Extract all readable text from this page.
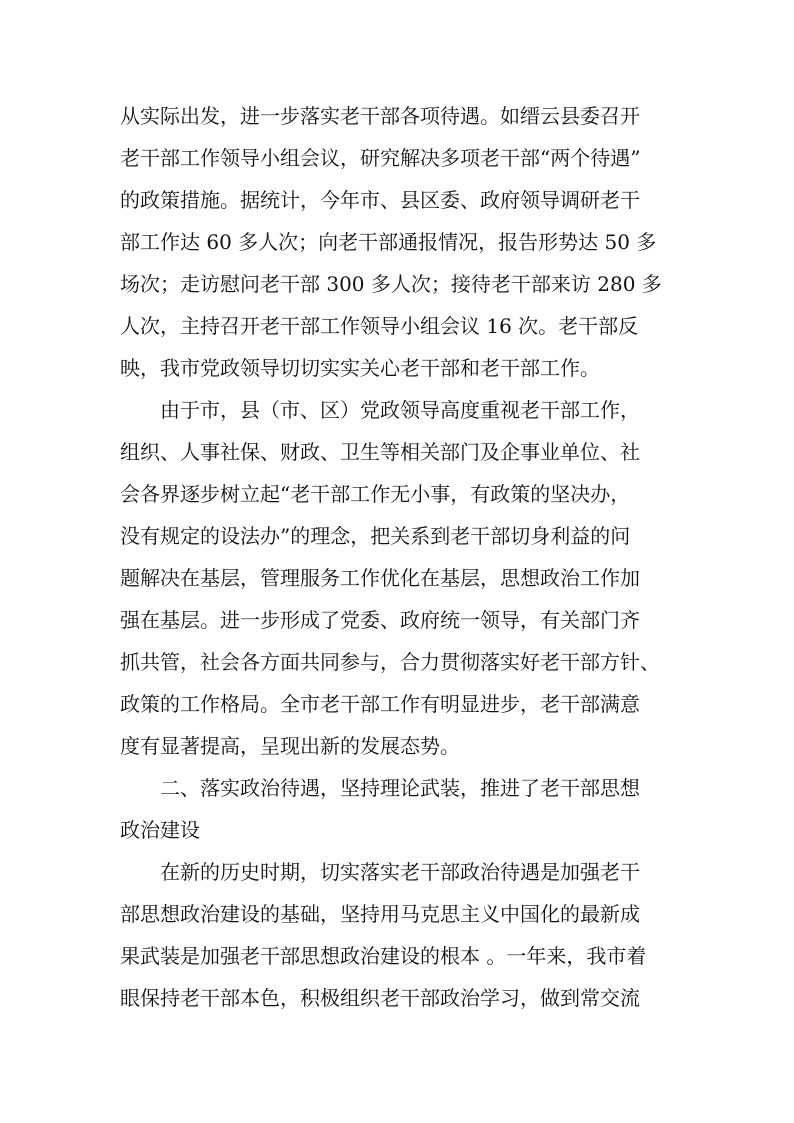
从实际出发，进一步落实老干部各项待遇。如缙云县委召开
老干部工作领导小组会议，研究解决多项老干部“两个待遇”
的政策措施。据统计，今年市、县区委、政府领导调研老干
部工作达 60 多人次；向老干部通报情况，报告形势达 50 多
场次；走访慰问老干部 300 多人次；接待老干部来访 280 多
人次，主持召开老干部工作领导小组会议 16 次。老干部反
映，我市党政领导切切实实关心老干部和老干部工作。
由于市，县（市、区）党政领导高度重视老干部工作，
组织、人事社保、财政、卫生等相关部门及企事业单位、社
会各界逐步树立起“老干部工作无小事，有政策的坚决办，
没有规定的设法办”的理念，把关系到老干部切身利益的问
题解决在基层，管理服务工作优化在基层，思想政治工作加
强在基层。进一步形成了党委、政府统一领导，有关部门齐
抓共管，社会各方面共同参与，合力贯彻落实好老干部方针、
政策的工作格局。全市老干部工作有明显进步，老干部满意
度有显著提高，呈现出新的发展态势。
二、落实政治待遇，坚持理论武装，推进了老干部思想
政治建设
在新的历史时期，切实落实老干部政治待遇是加强老干
部思想政治建设的基础，坚持用马克思主义中国化的最新成
果武装是加强老干部思想政治建设的根本 。一年来，我市着
眼保持老干部本色，积极组织老干部政治学习，做到常交流
